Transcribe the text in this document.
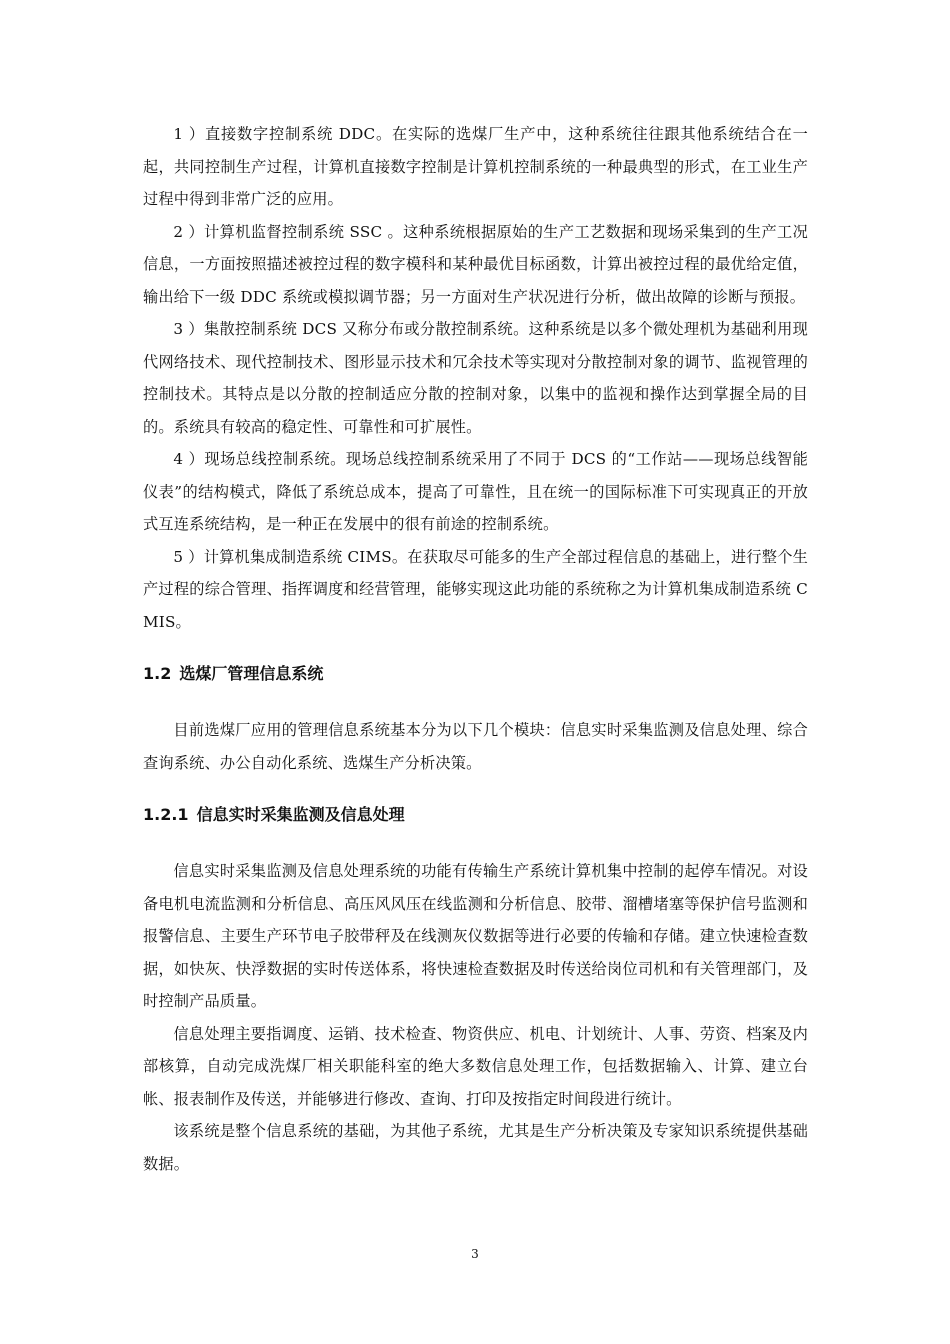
1 ）直接数字控制系统 DDC。在实际的选煤厂生产中，这种系统往往跟其他系统结合在一起，共同控制生产过程，计算机直接数字控制是计算机控制系统的一种最典型的形式，在工业生产过程中得到非常广泛的应用。

2 ）计算机监督控制系统 SSC 。这种系统根据原始的生产工艺数据和现场采集到的生产工况信息，一方面按照描述被控过程的数字模科和某种最优目标函数，计算出被控过程的最优给定值，输出给下一级 DDC 系统或模拟调节器；另一方面对生产状况进行分析，做出故障的诊断与预报。

3 ）集散控制系统 DCS 又称分布或分散控制系统。这种系统是以多个微处理机为基础利用现代网络技术、现代控制技术、图形显示技术和冗余技术等实现对分散控制对象的调节、监视管理的控制技术。其特点是以分散的控制适应分散的控制对象，以集中的监视和操作达到掌握全局的目的。系统具有较高的稳定性、可靠性和可扩展性。

4 ）现场总线控制系统。现场总线控制系统采用了不同于 DCS 的“工作站——现场总线智能仪表”的结构模式，降低了系统总成本，提高了可靠性，且在统一的国际标准下可实现真正的开放式互连系统结构，是一种正在发展中的很有前途的控制系统。

5 ）计算机集成制造系统 CIMS。在获取尽可能多的生产全部过程信息的基础上，进行整个生产过程的综合管理、指挥调度和经营管理，能够实现这此功能的系统称之为计算机集成制造系统 CMIS。

1.2 选煤厂管理信息系统

目前选煤厂应用的管理信息系统基本分为以下几个模块：信息实时采集监测及信息处理、综合查询系统、办公自动化系统、选煤生产分析决策。

1.2.1 信息实时采集监测及信息处理

信息实时采集监测及信息处理系统的功能有传输生产系统计算机集中控制的起停车情况。对设备电机电流监测和分析信息、高压风风压在线监测和分析信息、胶带、溜槽堵塞等保护信号监测和报警信息、主要生产环节电子胶带秤及在线测灰仪数据等进行必要的传输和存储。建立快速检查数据，如快灰、快浮数据的实时传送体系，将快速检查数据及时传送给岗位司机和有关管理部门，及时控制产品质量。

信息处理主要指调度、运销、技术检查、物资供应、机电、计划统计、人事、劳资、档案及内部核算，自动完成洗煤厂相关职能科室的绝大多数信息处理工作，包括数据输入、计算、建立台帐、报表制作及传送，并能够进行修改、查询、打印及按指定时间段进行统计。

该系统是整个信息系统的基础，为其他子系统，尤其是生产分析决策及专家知识系统提供基础数据。

3
